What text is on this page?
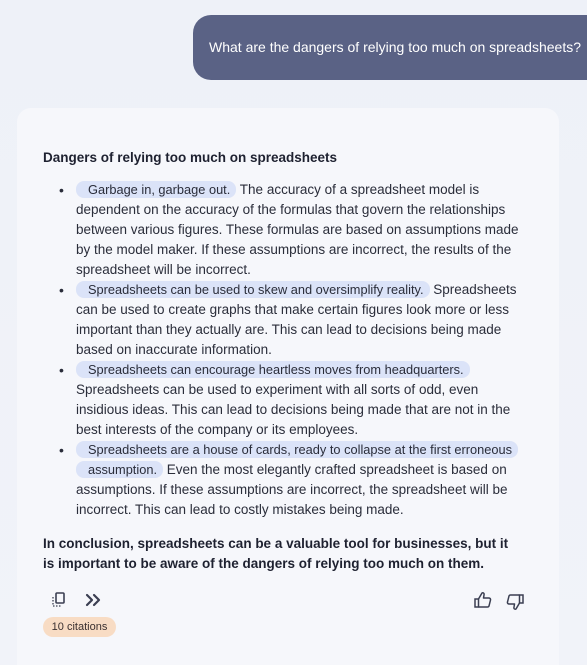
What are the dangers of relying too much on spreadsheets?
Dangers of relying too much on spreadsheets
• Garbage in, garbage out. The accuracy of a spreadsheet model is dependent on the accuracy of the formulas that govern the relationships between various figures. These formulas are based on assumptions made by the model maker. If these assumptions are incorrect, the results of the spreadsheet will be incorrect.
• Spreadsheets can be used to skew and oversimplify reality. Spreadsheets can be used to create graphs that make certain figures look more or less important than they actually are. This can lead to decisions being made based on inaccurate information.
• Spreadsheets can encourage heartless moves from headquarters. Spreadsheets can be used to experiment with all sorts of odd, even insidious ideas. This can lead to decisions being made that are not in the best interests of the company or its employees.
• Spreadsheets are a house of cards, ready to collapse at the first erroneous assumption. Even the most elegantly crafted spreadsheet is based on assumptions. If these assumptions are incorrect, the spreadsheet will be incorrect. This can lead to costly mistakes being made.
In conclusion, spreadsheets can be a valuable tool for businesses, but it is important to be aware of the dangers of relying too much on them.
10 citations
